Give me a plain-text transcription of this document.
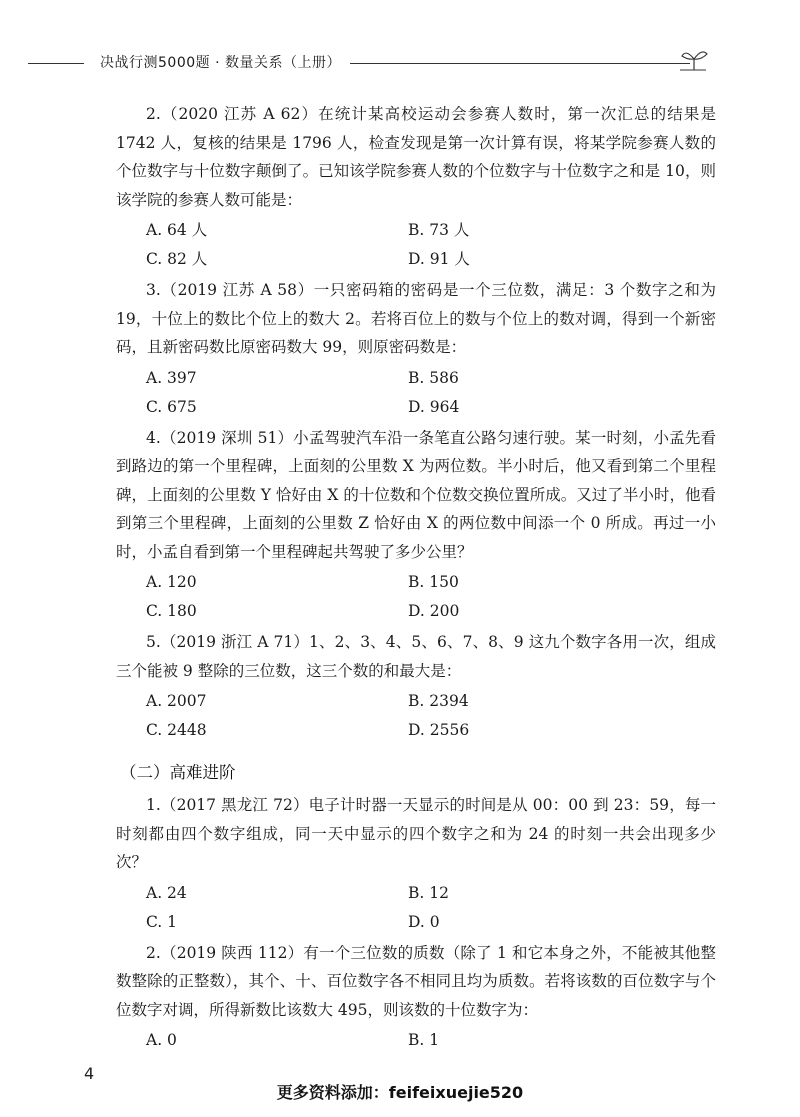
决战行测5000题 · 数量关系（上册）

2.（2020 江苏 A 62）在统计某高校运动会参赛人数时，第一次汇总的结果是 1742 人，复核的结果是 1796 人，检查发现是第一次计算有误，将某学院参赛人数的个位数字与十位数字颠倒了。已知该学院参赛人数的个位数字与十位数字之和是 10，则该学院的参赛人数可能是：

A. 64 人	B. 73 人
C. 82 人	D. 91 人

3.（2019 江苏 A 58）一只密码箱的密码是一个三位数，满足：3 个数字之和为 19，十位上的数比个位上的数大 2。若将百位上的数与个位上的数对调，得到一个新密码，且新密码数比原密码数大 99，则原密码数是：

A. 397	B. 586
C. 675	D. 964

4.（2019 深圳 51）小孟驾驶汽车沿一条笔直公路匀速行驶。某一时刻，小孟先看到路边的第一个里程碑，上面刻的公里数 X 为两位数。半小时后，他又看到第二个里程碑，上面刻的公里数 Y 恰好由 X 的十位数和个位数交换位置所成。又过了半小时，他看到第三个里程碑，上面刻的公里数 Z 恰好由 X 的两位数中间添一个 0 所成。再过一小时，小孟自看到第一个里程碑起共驾驶了多少公里？

A. 120	B. 150
C. 180	D. 200

5.（2019 浙江 A 71）1、2、3、4、5、6、7、8、9 这九个数字各用一次，组成三个能被 9 整除的三位数，这三个数的和最大是：

A. 2007	B. 2394
C. 2448	D. 2556
（二）高难进阶

1.（2017 黑龙江 72）电子计时器一天显示的时间是从 00：00 到 23：59，每一时刻都由四个数字组成，同一天中显示的四个数字之和为 24 的时刻一共会出现多少次？

A. 24	B. 12
C. 1	D. 0

2.（2019 陕西 112）有一个三位数的质数（除了 1 和它本身之外，不能被其他整数整除的正整数），其个、十、百位数字各不相同且均为质数。若将该数的百位数字与个位数字对调，所得新数比该数大 495，则该数的十位数字为：

A. 0	B. 1
4
更多资料添加：feifeixuejie520
